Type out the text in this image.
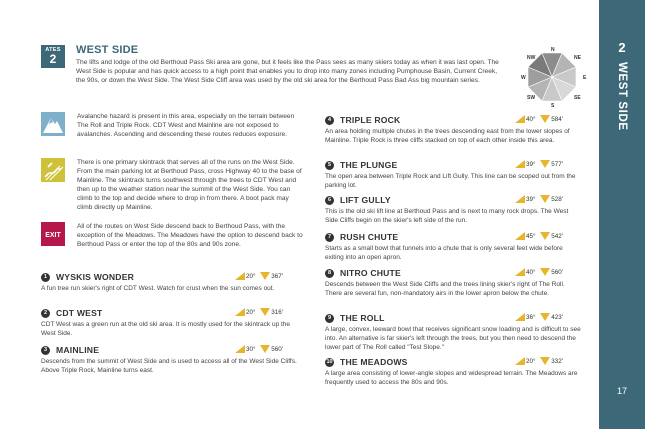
2
WEST SIDE
17
ATES
2
WEST SIDE
The lifts and lodge of the old Berthoud Pass Ski area are gone, but it feels like the Pass sees as many skiers today as when it was last open. The West Side is popular and has quick access to a high point that enables you to drop into many zones including Pumphouse Basin, Current Creek, the 90s, or down the West Side. The West Side Cliff area was used by the old ski area for the Berthoud Pass Bad Ass big mountain series.
N
NE
E
SE
S
SW
W
NW
Avalanche hazard is present in this area, especially on the terrain between The Roll and Triple Rock. CDT West and Mainline are not exposed to avalanches. Ascending and descending these routes reduces exposure.
There is one primary skintrack that serves all of the runs on the West Side. From the main parking lot at Berthoud Pass, cross Highway 40 to the base of Mainline. The skintrack turns southwest through the trees to CDT West and then up to the weather station near the summit of the West Side. You can climb to the top and decide where to drop in from there. A boot pack may climb directly up Mainline.
EXIT
All of the routes on West Side descend back to Berthoud Pass, with the exception of the Meadows. The Meadows have the option to descend back to Berthoud Pass or enter the top of the 80s and 90s zone.
1	WYSKIS WONDER	20°	367'
A fun tree run skier's right of CDT West. Watch for crust when the sun comes out.
2	CDT WEST	20°	316'
CDT West was a green run at the old ski area. It is mostly used for the skintrack up the West Side.
3	MAINLINE	30°	560'
Descends from the summit of West Side and is used to access all of the West Side Cliffs. Above Triple Rock, Mainline turns east.
4	TRIPLE ROCK	40°	584'
An area holding multiple chutes in the trees descending east from the lower slopes of Mainline. Triple Rock is three cliffs stacked on top of each other inside this area.
5	THE PLUNGE	39°	577'
The open area between Triple Rock and Lift Gully. This line can be scoped out from the parking lot.
6	LIFT GULLY	39°	528'
This is the old ski lift line at Berthoud Pass and is next to many rock drops. The West Side Cliffs begin on the skier's left side of the run.
7	RUSH CHUTE	45°	542'
Starts as a small bowl that funnels into a chute that is only several feet wide before exiting into an open apron.
8	NITRO CHUTE	40°	560'
Descends between the West Side Cliffs and the trees lining skier's right of The Roll. There are several fun, non-mandatory airs in the lower apron below the chute.
9	THE ROLL	36°	423'
A large, convex, leeward bowl that receives significant snow loading and is difficult to see into. An alternative is far skier's left through the trees, but you then need to descend the lower part of The Roll called "Test Slope."
10 THE MEADOWS	20°	332'
A large area consisting of lower-angle slopes and widespread terrain. The Meadows are frequently used to access the 80s and 90s.
